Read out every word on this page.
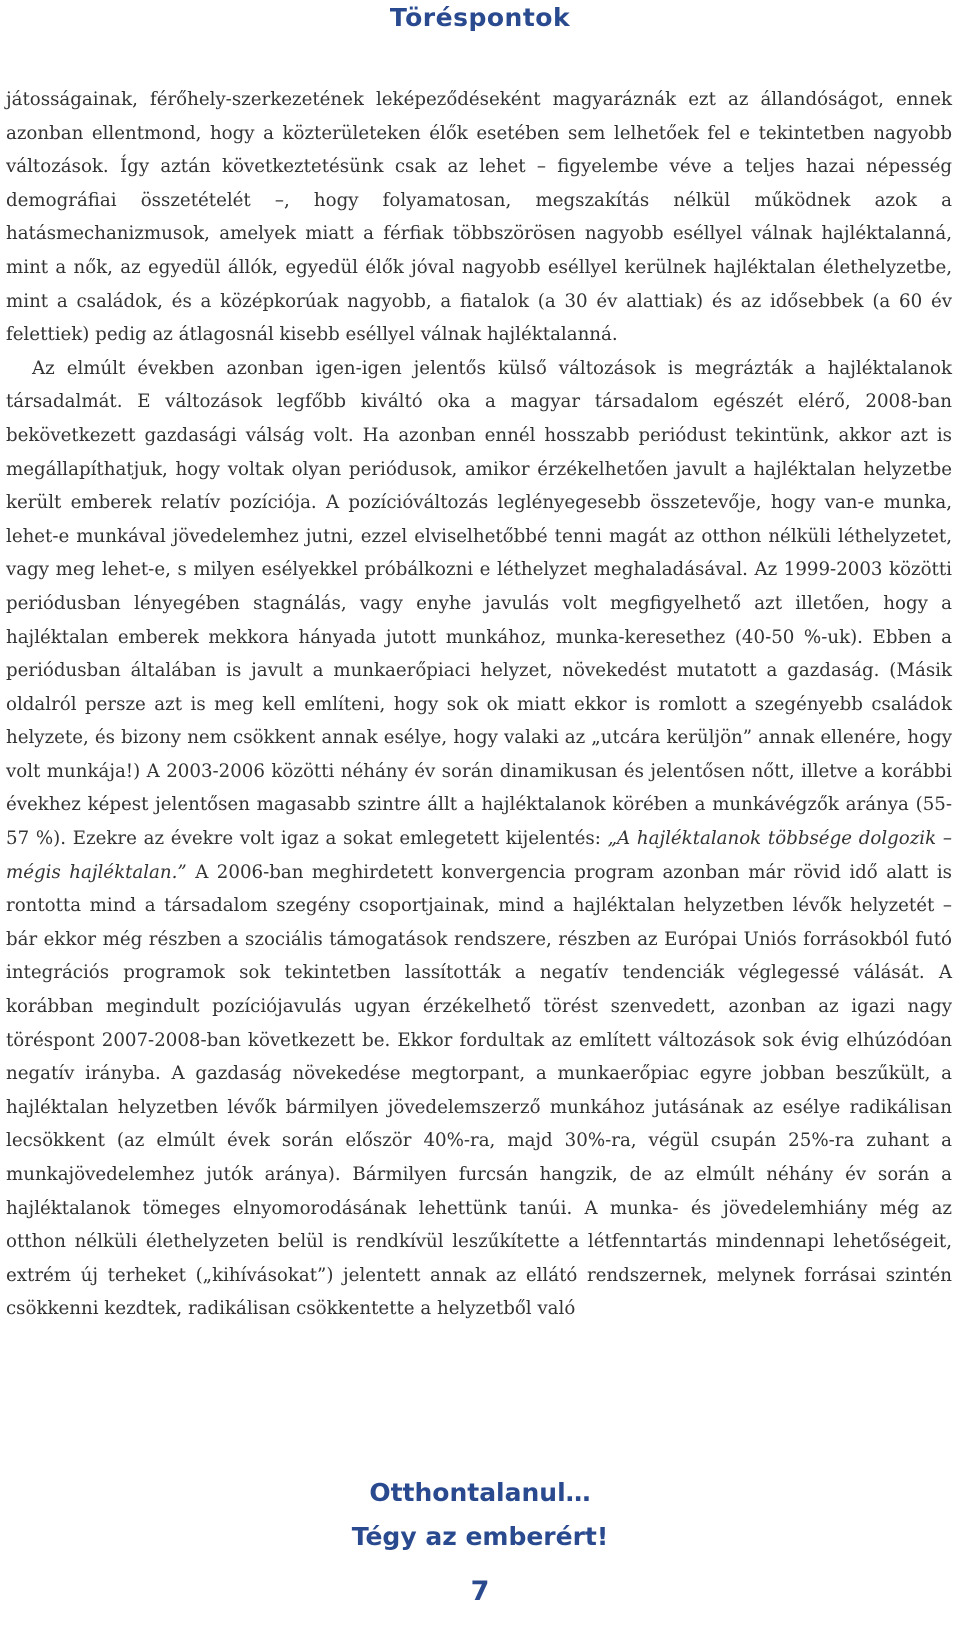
Töréspontok

játosságainak, férőhely-szerkezetének leképeződéseként magyaráznák ezt az állandóságot, ennek azonban ellentmond, hogy a közterületeken élők esetében sem lelhetőek fel e tekintetben nagyobb változások. Így aztán következtetésünk csak az lehet – figyelembe véve a teljes hazai népesség demográfiai összetételét –, hogy folyamatosan, megszakítás nélkül működnek azok a hatásmechanizmusok, amelyek miatt a férfiak többszörösen nagyobb eséllyel válnak hajléktalanná, mint a nők, az egyedül állók, egyedül élők jóval nagyobb eséllyel kerülnek hajléktalan élethelyzetbe, mint a családok, és a középkorúak nagyobb, a fiatalok (a 30 év alattiak) és az idősebbek (a 60 év felettiek) pedig az átlagosnál kisebb eséllyel válnak hajléktalanná.

Az elmúlt években azonban igen-igen jelentős külső változások is megrázták a hajléktalanok társadalmát. E változások legfőbb kiváltó oka a magyar társadalom egészét elérő, 2008-ban bekövetkezett gazdasági válság volt. Ha azonban ennél hosszabb periódust tekintünk, akkor azt is megállapíthatjuk, hogy voltak olyan periódusok, amikor érzékelhetően javult a hajléktalan helyzetbe került emberek relatív pozíciója. A pozícióváltozás leglényegesebb összetevője, hogy van-e munka, lehet-e munkával jövedelemhez jutni, ezzel elviselhetőbbé tenni magát az otthon nélküli léthelyzetet, vagy meg lehet-e, s milyen esélyekkel próbálkozni e léthelyzet meghaladásával. Az 1999-2003 közötti periódusban lényegében stagnálás, vagy enyhe javulás volt megfigyelhető azt illetően, hogy a hajléktalan emberek mekkora hányada jutott munkához, munka-keresethez (40-50 %-uk). Ebben a periódusban általában is javult a munkaerőpiaci helyzet, növekedést mutatott a gazdaság. (Másik oldalról persze azt is meg kell említeni, hogy sok ok miatt ekkor is romlott a szegényebb családok helyzete, és bizony nem csökkent annak esélye, hogy valaki az „utcára kerüljön” annak ellenére, hogy volt munkája!) A 2003-2006 közötti néhány év során dinamikusan és jelentősen nőtt, illetve a korábbi évekhez képest jelentősen magasabb szintre állt a hajléktalanok körében a munkávégzők aránya (55-57 %). Ezekre az évekre volt igaz a sokat emlegetett kijelentés: „A hajléktalanok többsége dolgozik – mégis hajléktalan.” A 2006-ban meghirdetett konvergencia program azonban már rövid idő alatt is rontotta mind a társadalom szegény csoportjainak, mind a hajléktalan helyzetben lévők helyzetét – bár ekkor még részben a szociális támogatások rendszere, részben az Európai Uniós forrásokból futó integrációs programok sok tekintetben lassították a negatív tendenciák véglegessé válását. A korábban megindult pozíciójavulás ugyan érzékelhető törést szenvedett, azonban az igazi nagy töréspont 2007-2008-ban következett be. Ekkor fordultak az említett változások sok évig elhúzódóan negatív irányba. A gazdaság növekedése megtorpant, a munkaerőpiac egyre jobban beszűkült, a hajléktalan helyzetben lévők bármilyen jövedelemszerző munkához jutásának az esélye radikálisan lecsökkent (az elmúlt évek során először 40%-ra, majd 30%-ra, végül csupán 25%-ra zuhant a munkajövedelemhez jutók aránya). Bármilyen furcsán hangzik, de az elmúlt néhány év során a hajléktalanok tömeges elnyomorodásának lehettünk tanúi. A munka- és jövedelemhiány még az otthon nélküli élethelyzeten belül is rendkívül leszűkítette a létfenntartás mindennapi lehetőségeit, extrém új terheket („kihívásokat”) jelentett annak az ellátó rendszernek, melynek forrásai szintén csökkenni kezdtek, radikálisan csökkentette a helyzetből való

Otthontalanul…
Tégy az emberért!
7
